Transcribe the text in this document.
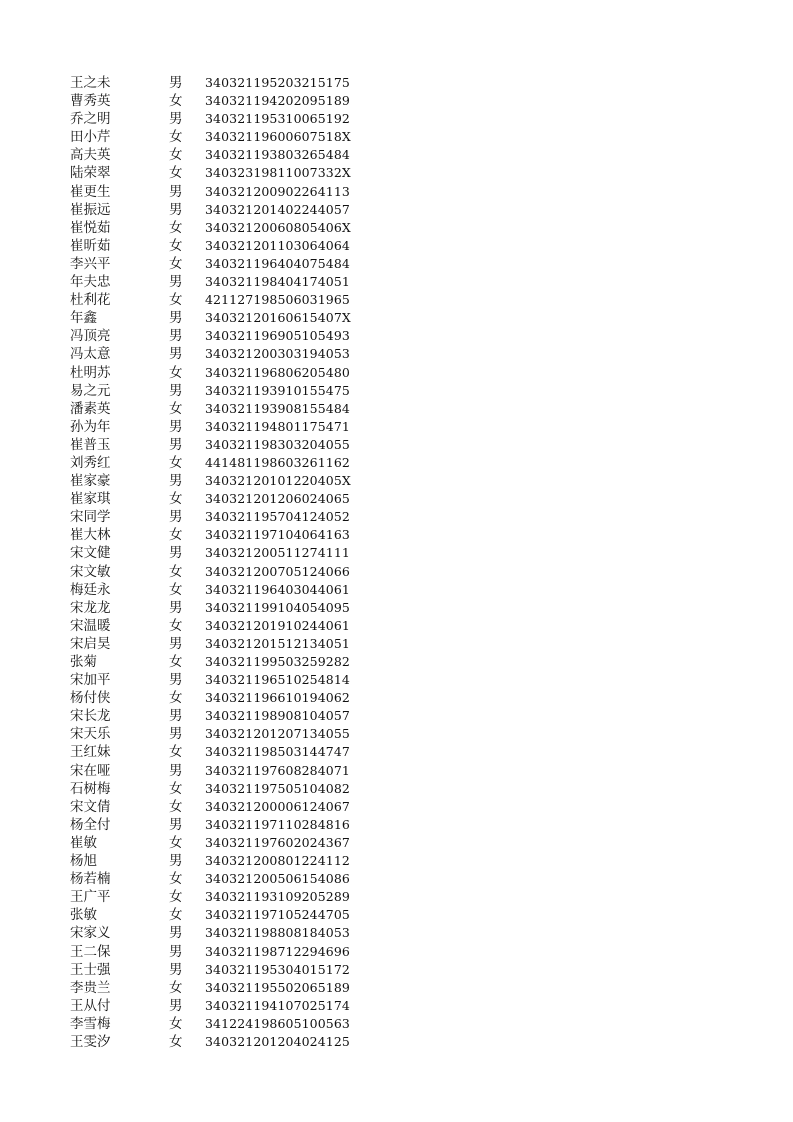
王之未	男	340321195203215175
曹秀英	女	340321194202095189
乔之明	男	340321195310065192
田小芹	女	34032119600607518X
高夫英	女	340321193803265484
陆荣翠	女	34032319811007332X
崔更生	男	340321200902264113
崔振远	男	340321201402244057
崔悦茹	女	34032120060805406X
崔昕茹	女	340321201103064064
李兴平	女	340321196404075484
年夫忠	男	340321198404174051
杜利花	女	421127198506031965
年鑫	男	34032120160615407X
冯顶亮	男	340321196905105493
冯太意	男	340321200303194053
杜明苏	女	340321196806205480
易之元	男	340321193910155475
潘素英	女	340321193908155484
孙为年	男	340321194801175471
崔普玉	男	340321198303204055
刘秀红	女	441481198603261162
崔家豪	男	34032120101220405X
崔家琪	女	340321201206024065
宋同学	男	340321195704124052
崔大林	女	340321197104064163
宋文健	男	340321200511274111
宋文敏	女	340321200705124066
梅廷永	女	340321196403044061
宋龙龙	男	340321199104054095
宋温暖	女	340321201910244061
宋启昊	男	340321201512134051
张菊	女	340321199503259282
宋加平	男	340321196510254814
杨付侠	女	340321196610194062
宋长龙	男	340321198908104057
宋天乐	男	340321201207134055
王红妹	女	340321198503144747
宋在哑	男	340321197608284071
石树梅	女	340321197505104082
宋文倩	女	340321200006124067
杨全付	男	340321197110284816
崔敏	女	340321197602024367
杨旭	男	340321200801224112
杨若楠	女	340321200506154086
王广平	女	340321193109205289
张敏	女	340321197105244705
宋家义	男	340321198808184053
王二保	男	340321198712294696
王士强	男	340321195304015172
李贵兰	女	340321195502065189
王从付	男	340321194107025174
李雪梅	女	341224198605100563
王雯汐	女	340321201204024125
